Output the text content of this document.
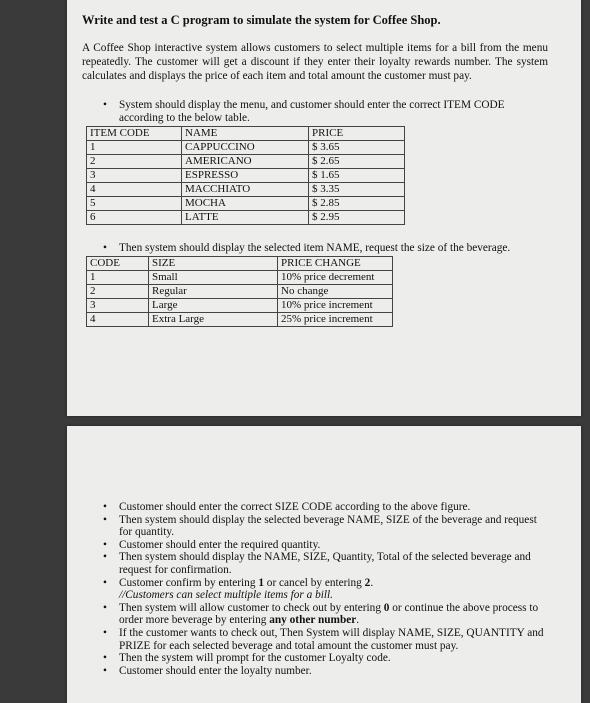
Write and test a C program to simulate the system for Coffee Shop.
A Coffee Shop interactive system allows customers to select multiple items for a bill from the menu repeatedly. The customer will get a discount if they enter their loyalty rewards number. The system calculates and displays the price of each item and total amount the customer must pay.
• System should display the menu, and customer should enter the correct ITEM CODE according to the below table.
ITEM CODE	NAME	PRICE
1	CAPPUCCINO	$ 3.65
2	AMERICANO	$ 2.65
3	ESPRESSO	$ 1.65
4	MACCHIATO	$ 3.35
5	MOCHA	$ 2.85
6	LATTE	$ 2.95
• Then system should display the selected item NAME, request the size of the beverage.
CODE	SIZE	PRICE CHANGE
1	Small	10% price decrement
2	Regular	No change
3	Large	10% price increment
4	Extra Large	25% price increment
• Customer should enter the correct SIZE CODE according to the above figure.
• Then system should display the selected beverage NAME, SIZE of the beverage and request for quantity.
• Customer should enter the required quantity.
• Then system should display the NAME, SIZE, Quantity, Total of the selected beverage and request for confirmation.
• Customer confirm by entering 1 or cancel by entering 2.
//Customers can select multiple items for a bill.
• Then system will allow customer to check out by entering 0 or continue the above process to order more beverage by entering any other number.
• If the customer wants to check out, Then System will display NAME, SIZE, QUANTITY and PRIZE for each selected beverage and total amount the customer must pay.
• Then the system will prompt for the customer Loyalty code.
• Customer should enter the loyalty number.
